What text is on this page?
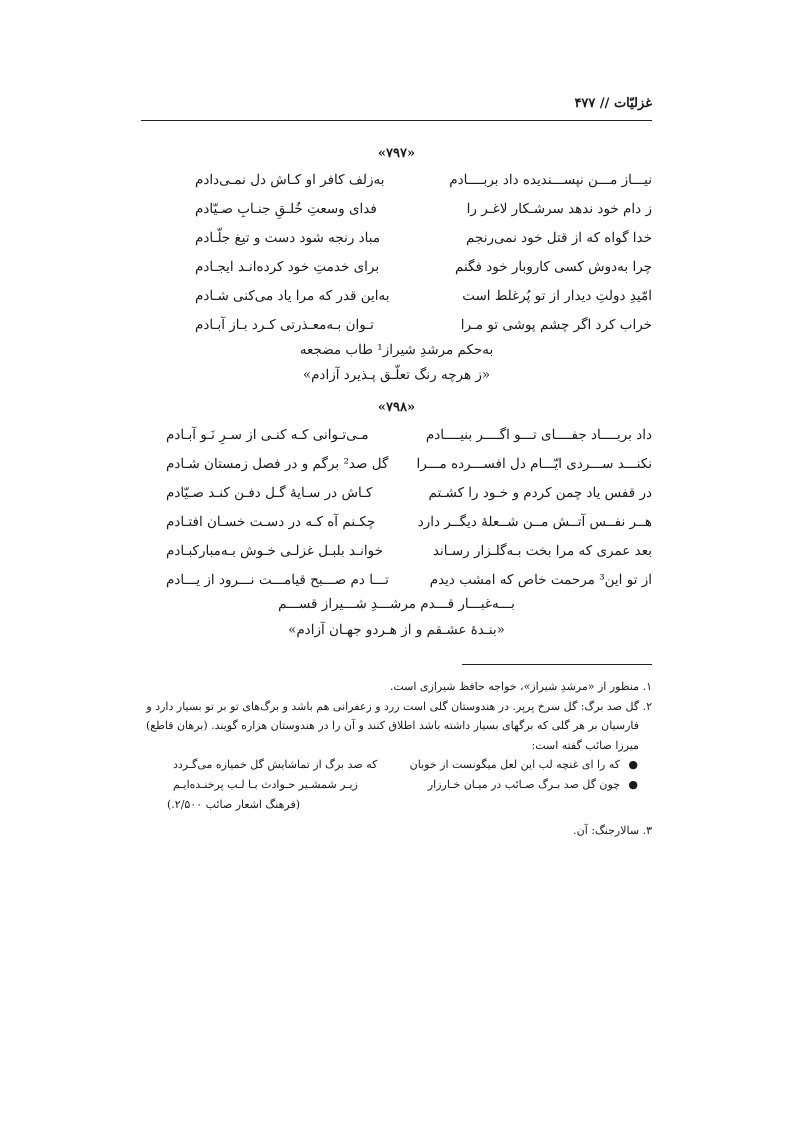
غزلیّات // ۴۷۷
«۷۹۷»
نیـــاز مـــن نپســـندیده داد بربــــادم
به‌زلف کافر او کـاش دل نمـی‌دادم
ز دام خود ندهد سرشـکار لاغـر را
فدای وسعتِ خُلـقِ جنـابِ صـیّادم
خدا گواه که از قتل خود نمی‌رنجم
مباد رنجه شود دست و تیغ جلّـادم
چرا به‌دوش کسی کاروبار خود فگنم
برای خدمتِ خود کرده‌انـد ایجـادم
امّیدِ دولتِ دیدار از تو پُرغلط است
به‌این قدر که مرا یاد می‌کنی شـادم
خراب کرد اگر چشم پوشی تو مـرا
تـوان بـه‌معـذرتی کـرد بـاز آبـادم
به‌حکم مرشدِ شیراز¹ طاب مضجعه
«ز هرچه رنگ تعلّـق پـذیرد آزادم»
«۷۹۸»
داد بربــــاد جفــــای تـــو اگــــر بنیــــادم
مـی‌تـوانی کـه کنـی از سـرِ نَـو آبـادم
نکنـــد ســـردی ایّـــام دل افســـرده مـــرا
گل صد² برگم و در فصل زمستان شـادم
در قفس یاد چمن کردم و خـود را کشـتم
کـاش در سـایهٔ گـل دفـن کنـد صـیّادم
هــر نفــس آتــش مــن شــعلهٔ دیگــر دارد
چکـنم آه کـه در دسـت خسـان افتـادم
بعد عمری که مرا بخت بـه‌گلـزار رسـاند
خوانـد بلبـل غزلـی خـوش بـه‌مبارکبـادم
از تو این³ مرحمت خاص که امشب دیدم
تـــا دم صـــبح قیامـــت نـــرود از یـــادم
بـــه‌غبـــار قـــدم مرشـــدِ شـــیراز قســـم
«بنـدهٔ عشـقم و از هـردو جهـان آزادم»
۱. منظور از «مرشدِ شیراز»، خواجه حافظ شیرازی است.
۲. گل صد برگ: گل سرخ پرپر. در هندوستان گلی است زرد و زعفرانی هم باشد و برگ‌های تو بر تو بسیار دارد و
فارسیان بر هر گلی که برگهای بسیار داشته باشد اطلاق کنند و آن را در هندوستان هزاره گویند. (برهان قاطع)
میرزا صائب گفته است:
●
که را ای غنچه لب این لعل میگونست از خوبان
که صد برگ از تماشایش گل خمیازه می‌گـردد
●
چون گل صد بـرگ صـائب در میـان خـارزار
زیـر شمشـیر حـوادث بـا لـب پرخنـده‌ایـم
(فرهنگ اشعار صائب ۲/۵۰۰.)
۳. سالارجنگ: آن.
